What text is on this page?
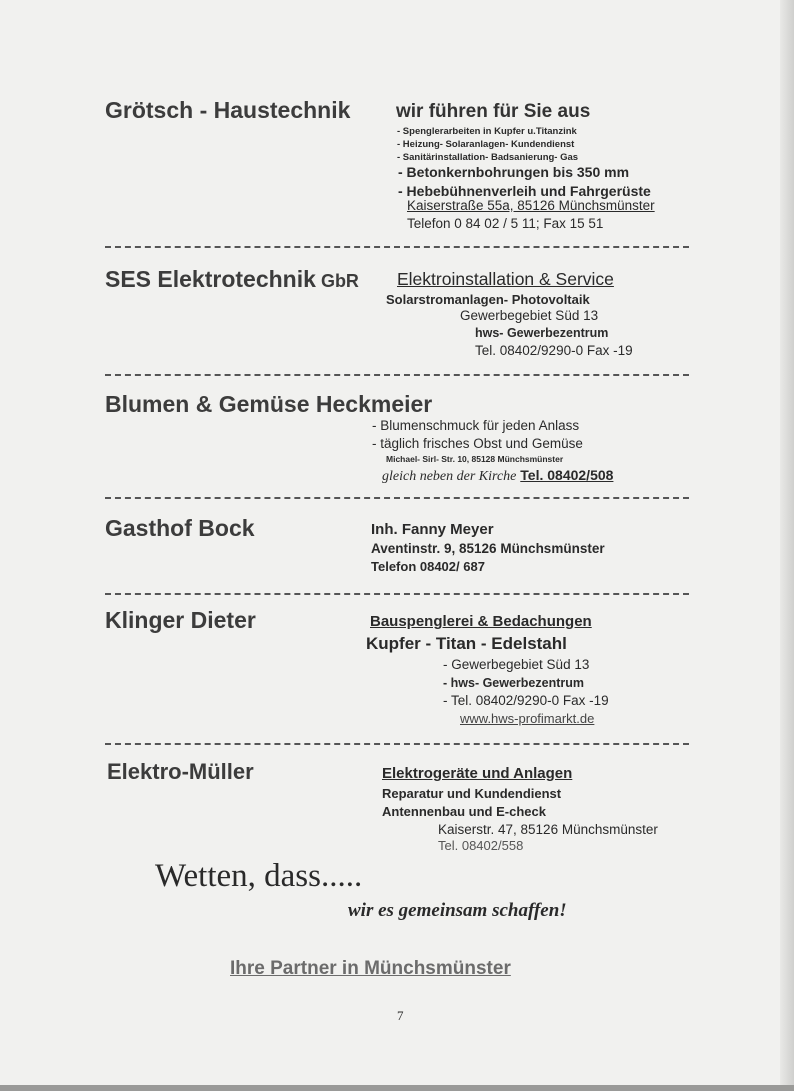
Grötsch - Haustechnik wir führen für Sie aus
- Spenglerarbeiten in Kupfer u.Titanzink
- Heizung- Solaranlagen- Kundendienst
- Sanitärinstallation- Badsanierung- Gas
- Betonkernbohrungen bis 350 mm
- Hebebühnenverleih und Fahrgerüste
Kaiserstraße 55a, 85126 Münchsmünster
Telefon 0 84 02 / 5 11; Fax 15 51
SES Elektrotechnik GbR Elektroinstallation & Service
Solarstromanlagen- Photovoltaik
Gewerbegebiet Süd 13
hws- Gewerbezentrum
Tel. 08402/9290-0 Fax -19
Blumen & Gemüse Heckmeier
- Blumenschmuck für jeden Anlass
- täglich frisches Obst und Gemüse
Michael- Sirl- Str. 10, 85128 Münchsmünster
gleich neben der Kirche Tel. 08402/508
Gasthof Bock	Inh. Fanny Meyer
Aventinstr. 9, 85126 Münchsmünster
Telefon 08402/ 687
Klinger Dieter	Bauspenglerei & Bedachungen
Kupfer - Titan - Edelstahl
- Gewerbegebiet Süd 13
- hws- Gewerbezentrum
- Tel. 08402/9290-0 Fax -19
www.hws-profimarkt.de
Elektro-Müller	Elektrogeräte und Anlagen
Reparatur und Kundendienst
Antennenbau und E-check
Kaiserstr. 47, 85126 Münchsmünster
Tel. 08402/558
Wetten, dass.....
wir es gemeinsam schaffen!
Ihre Partner in Münchsmünster
7
